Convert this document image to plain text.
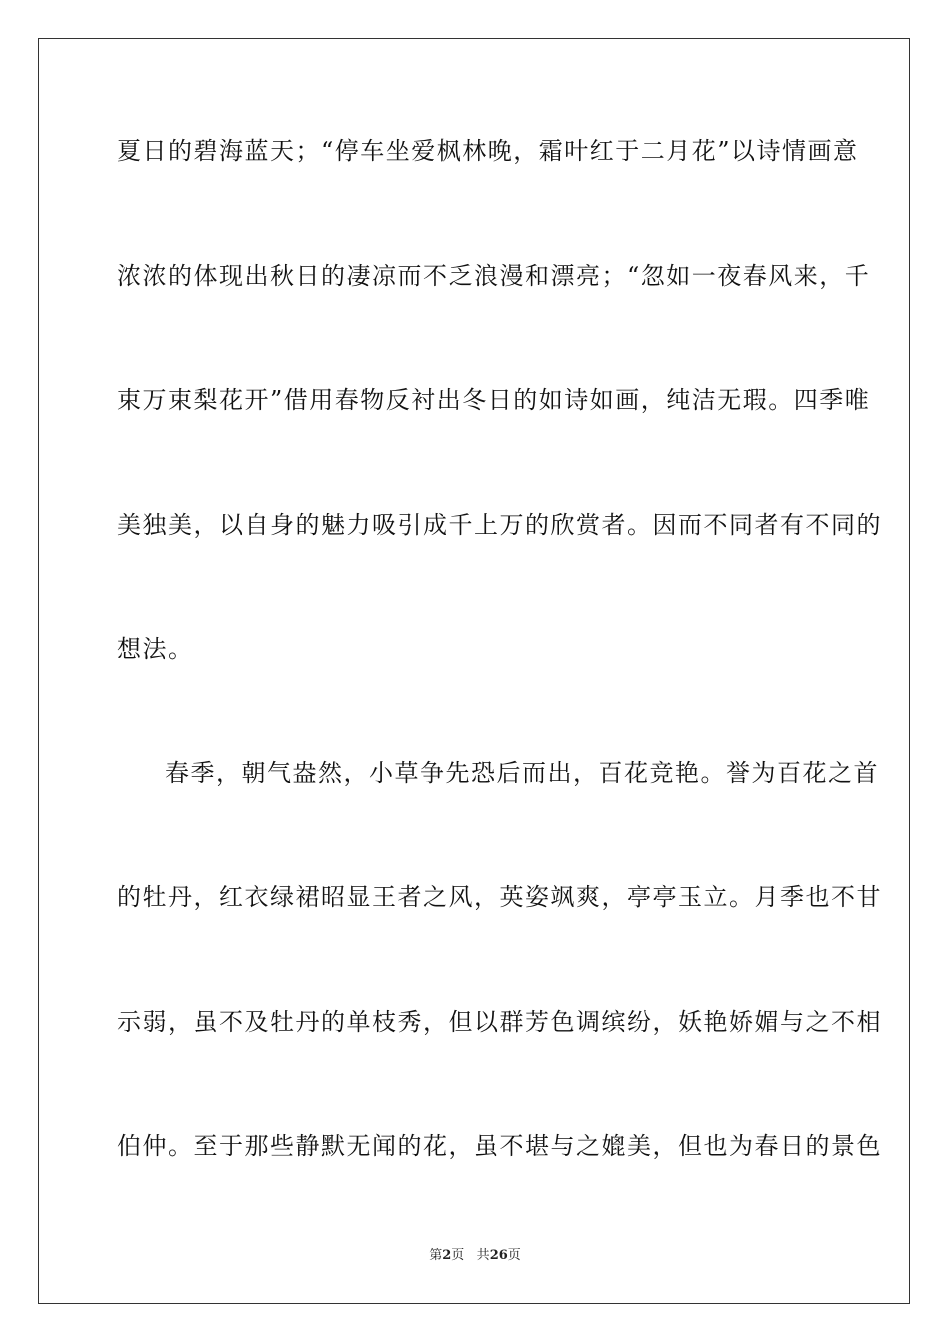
夏日的碧海蓝天；“停车坐爱枫林晚，霜叶红于二月花”以诗情画意
浓浓的体现出秋日的凄凉而不乏浪漫和漂亮；“忽如一夜春风来，千
束万束梨花开”借用春物反衬出冬日的如诗如画，纯洁无瑕。四季唯
美独美，以自身的魅力吸引成千上万的欣赏者。因而不同者有不同的
想法。
春季，朝气盎然，小草争先恐后而出，百花竞艳。誉为百花之首
的牡丹，红衣绿裙昭显王者之风，英姿飒爽，亭亭玉立。月季也不甘
示弱，虽不及牡丹的单枝秀，但以群芳色调缤纷，妖艳娇媚与之不相
伯仲。至于那些静默无闻的花，虽不堪与之媲美，但也为春日的景色
第2页 共26页
